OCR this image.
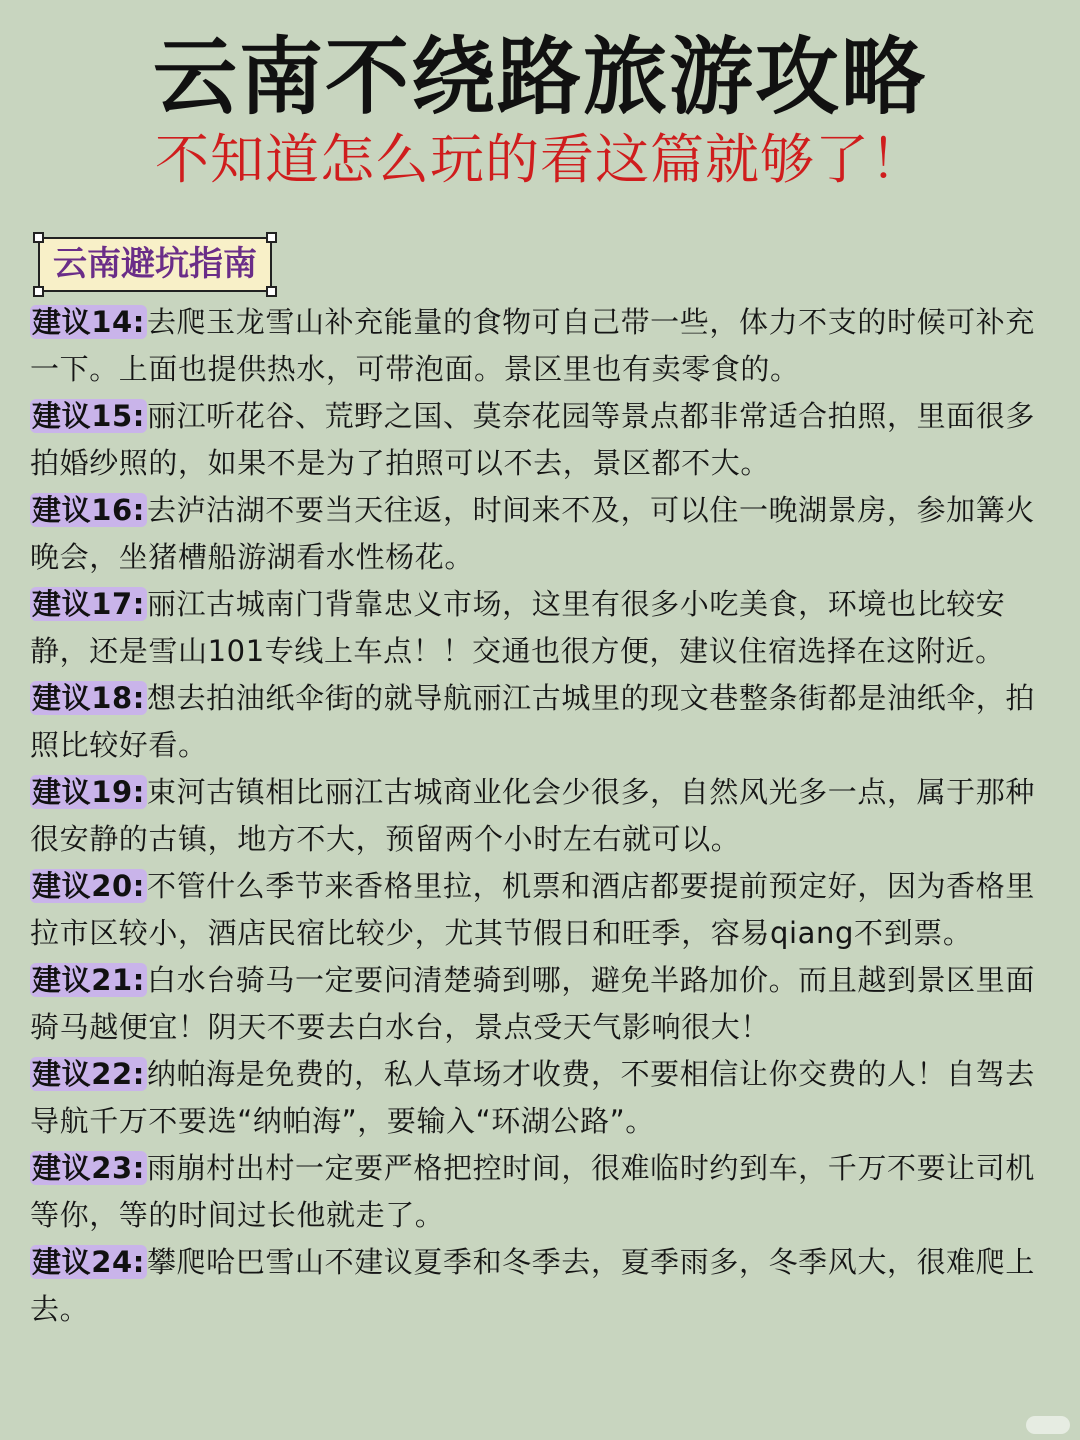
云南不绕路旅游攻略
不知道怎么玩的看这篇就够了！
云南避坑指南

建议14:去爬玉龙雪山补充能量的食物可自己带一些，体力不支的时候可补充一下。上面也提供热水，可带泡面。景区里也有卖零食的。

建议15:丽江听花谷、荒野之国、莫奈花园等景点都非常适合拍照，里面很多拍婚纱照的，如果不是为了拍照可以不去，景区都不大。

建议16:去泸沽湖不要当天往返，时间来不及，可以住一晚湖景房，参加篝火晚会，坐猪槽船游湖看水性杨花。

建议17:丽江古城南门背靠忠义市场，这里有很多小吃美食，环境也比较安静，还是雪山101专线上车点！！交通也很方便，建议住宿选择在这附近。

建议18:想去拍油纸伞街的就导航丽江古城里的现文巷整条街都是油纸伞，拍照比较好看。

建议19:束河古镇相比丽江古城商业化会少很多，自然风光多一点，属于那种很安静的古镇，地方不大，预留两个小时左右就可以。

建议20:不管什么季节来香格里拉，机票和酒店都要提前预定好，因为香格里拉市区较小，酒店民宿比较少，尤其节假日和旺季，容易qiang不到票。

建议21:白水台骑马一定要问清楚骑到哪，避免半路加价。而且越到景区里面骑马越便宜！阴天不要去白水台，景点受天气影响很大！

建议22:纳帕海是免费的，私人草场才收费，不要相信让你交费的人！自驾去导航千万不要选“纳帕海”，要输入“环湖公路”。

建议23:雨崩村出村一定要严格把控时间，很难临时约到车，千万不要让司机等你，等的时间过长他就走了。

建议24:攀爬哈巴雪山不建议夏季和冬季去，夏季雨多，冬季风大，很难爬上去。
